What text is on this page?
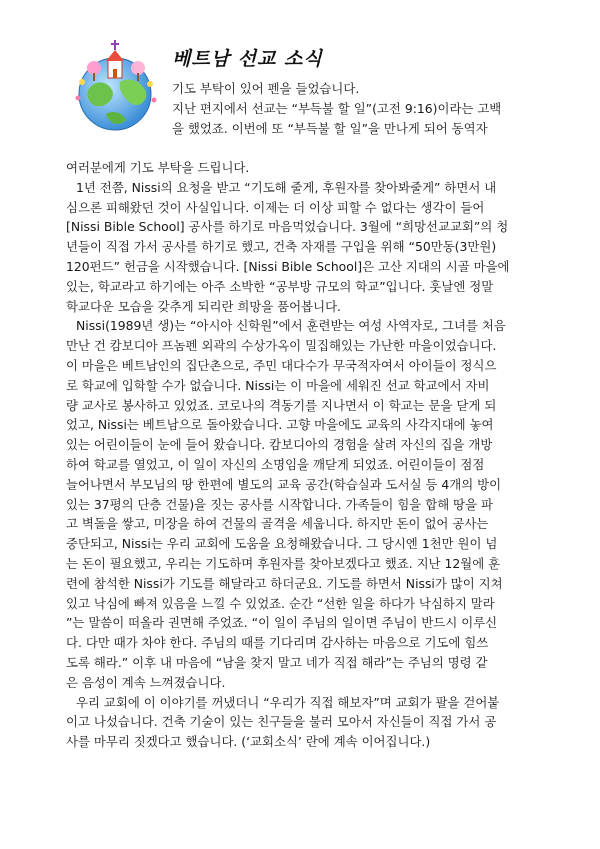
베트남 선교 소식
기도 부탁이 있어 펜을 들었습니다.
지난 편지에서 선교는 “부득불 할 일”(고전 9:16)이라는 고백
을 했었죠. 이번에 또 “부득불 할 일”을 만나게 되어 동역자
여러분에게 기도 부탁을 드립니다.
1년 전쯤, Nissi의 요청을 받고 “기도해 줄게, 후원자를 찾아봐줄게” 하면서 내
심으론 피해왔던 것이 사실입니다. 이제는 더 이상 피할 수 없다는 생각이 들어
[Nissi Bible School] 공사를 하기로 마음먹었습니다. 3월에 “희망선교교회”의 청
년들이 직접 가서 공사를 하기로 했고, 건축 자재를 구입을 위해 “50만동(3만원)
120펀드” 헌금을 시작했습니다. [Nissi Bible School]은 고산 지대의 시골 마을에
있는, 학교라고 하기에는 아주 소박한 “공부방 규모의 학교”입니다. 훗날엔 정말
학교다운 모습을 갖추게 되리란 희망을 품어봅니다.
Nissi(1989년 생)는 “아시아 신학원”에서 훈련받는 여성 사역자로, 그녀를 처음
만난 건 캄보디아 프놈펜 외곽의 수상가옥이 밀집해있는 가난한 마을이었습니다.
이 마을은 베트남인의 집단촌으로, 주민 대다수가 무국적자여서 아이들이 정식으
로 학교에 입학할 수가 없습니다. Nissi는 이 마을에 세워진 선교 학교에서 자비
량 교사로 봉사하고 있었죠. 코로나의 격동기를 지나면서 이 학교는 문을 닫게 되
었고, Nissi는 베트남으로 돌아왔습니다. 고향 마을에도 교육의 사각지대에 놓여
있는 어린이들이 눈에 들어 왔습니다. 캄보디아의 경험을 살려 자신의 집을 개방
하여 학교를 열었고, 이 일이 자신의 소명임을 깨닫게 되었죠. 어린이들이 점점
늘어나면서 부모님의 땅 한편에 별도의 교육 공간(학습실과 도서실 등 4개의 방이
있는 37평의 단층 건물)을 짓는 공사를 시작합니다. 가족들이 힘을 합해 땅을 파
고 벽돌을 쌓고, 미장을 하여 건물의 골격을 세웁니다. 하지만 돈이 없어 공사는
중단되고, Nissi는 우리 교회에 도움을 요청해왔습니다. 그 당시엔 1천만 원이 넘
는 돈이 필요했고, 우리는 기도하며 후원자를 찾아보겠다고 했죠. 지난 12월에 훈
련에 참석한 Nissi가 기도를 해달라고 하더군요. 기도를 하면서 Nissi가 많이 지쳐
있고 낙심에 빠져 있음을 느낄 수 있었죠. 순간 “선한 일을 하다가 낙심하지 말라
”는 말씀이 떠올라 권면해 주었죠. “이 일이 주님의 일이면 주님이 반드시 이루신
다. 다만 때가 차야 한다. 주님의 때를 기다리며 감사하는 마음으로 기도에 힘쓰
도록 해라.” 이후 내 마음에 “남을 찾지 말고 네가 직접 해라”는 주님의 명령 같
은 음성이 계속 느껴졌습니다.
우리 교회에 이 이야기를 꺼냈더니 “우리가 직접 해보자”며 교회가 팔을 걷어붙
이고 나섰습니다. 건축 기술이 있는 친구들을 불러 모아서 자신들이 직접 가서 공
사를 마무리 짓겠다고 했습니다. (‘교회소식’ 란에 계속 이어집니다.)
